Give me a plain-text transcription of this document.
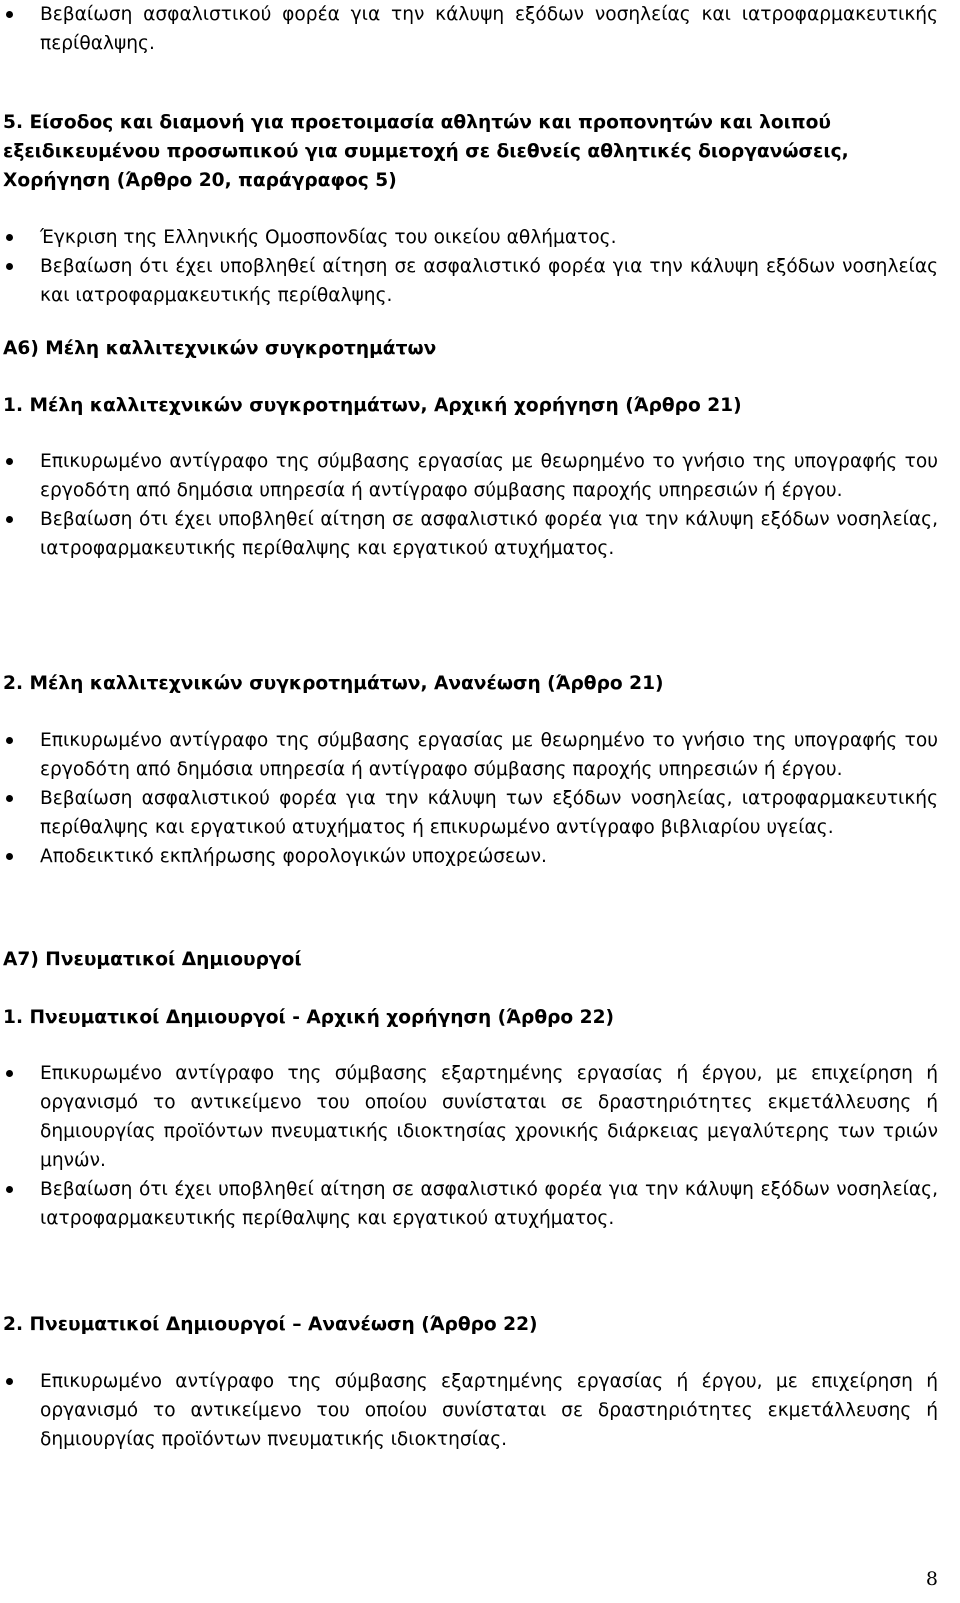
Βεβαίωση ασφαλιστικού φορέα για την κάλυψη εξόδων νοσηλείας και ιατροφαρμακευτικής περίθαλψης.

5. Είσοδος και διαμονή για προετοιμασία αθλητών και προπονητών και λοιπού εξειδικευμένου προσωπικού για συμμετοχή σε διεθνείς αθλητικές διοργανώσεις, Χορήγηση (Άρθρο 20, παράγραφος 5)

Έγκριση της Ελληνικής Ομοσπονδίας του οικείου αθλήματος.
Βεβαίωση ότι έχει υποβληθεί αίτηση σε ασφαλιστικό φορέα για την κάλυψη εξόδων νοσηλείας και ιατροφαρμακευτικής περίθαλψης.

Α6) Μέλη καλλιτεχνικών συγκροτημάτων

1. Μέλη καλλιτεχνικών συγκροτημάτων, Αρχική χορήγηση (Άρθρο 21)

Επικυρωμένο αντίγραφο της σύμβασης εργασίας με θεωρημένο το γνήσιο της υπογραφής του εργοδότη από δημόσια υπηρεσία ή αντίγραφο σύμβασης παροχής υπηρεσιών ή έργου.
Βεβαίωση ότι έχει υποβληθεί αίτηση σε ασφαλιστικό φορέα για την κάλυψη εξόδων νοσηλείας, ιατροφαρμακευτικής περίθαλψης και εργατικού ατυχήματος.

2. Μέλη καλλιτεχνικών συγκροτημάτων, Ανανέωση (Άρθρο 21)

Επικυρωμένο αντίγραφο της σύμβασης εργασίας με θεωρημένο το γνήσιο της υπογραφής του εργοδότη από δημόσια υπηρεσία ή αντίγραφο σύμβασης παροχής υπηρεσιών ή έργου.
Βεβαίωση ασφαλιστικού φορέα για την κάλυψη των εξόδων νοσηλείας, ιατροφαρμακευτικής περίθαλψης και εργατικού ατυχήματος ή επικυρωμένο αντίγραφο βιβλιαρίου υγείας.
Αποδεικτικό εκπλήρωσης φορολογικών υποχρεώσεων.

Α7) Πνευματικοί Δημιουργοί

1. Πνευματικοί Δημιουργοί - Αρχική χορήγηση (Άρθρο 22)

Επικυρωμένο αντίγραφο της σύμβασης εξαρτημένης εργασίας ή έργου, με επιχείρηση ή οργανισμό το αντικείμενο του οποίου συνίσταται σε δραστηριότητες εκμετάλλευσης ή δημιουργίας προϊόντων πνευματικής ιδιοκτησίας χρονικής διάρκειας μεγαλύτερης των τριών μηνών.
Βεβαίωση ότι έχει υποβληθεί αίτηση σε ασφαλιστικό φορέα για την κάλυψη εξόδων νοσηλείας, ιατροφαρμακευτικής περίθαλψης και εργατικού ατυχήματος.

2. Πνευματικοί Δημιουργοί – Ανανέωση (Άρθρο 22)

Επικυρωμένο αντίγραφο της σύμβασης εξαρτημένης εργασίας ή έργου, με επιχείρηση ή οργανισμό το αντικείμενο του οποίου συνίσταται σε δραστηριότητες εκμετάλλευσης ή δημιουργίας προϊόντων πνευματικής ιδιοκτησίας.
8
